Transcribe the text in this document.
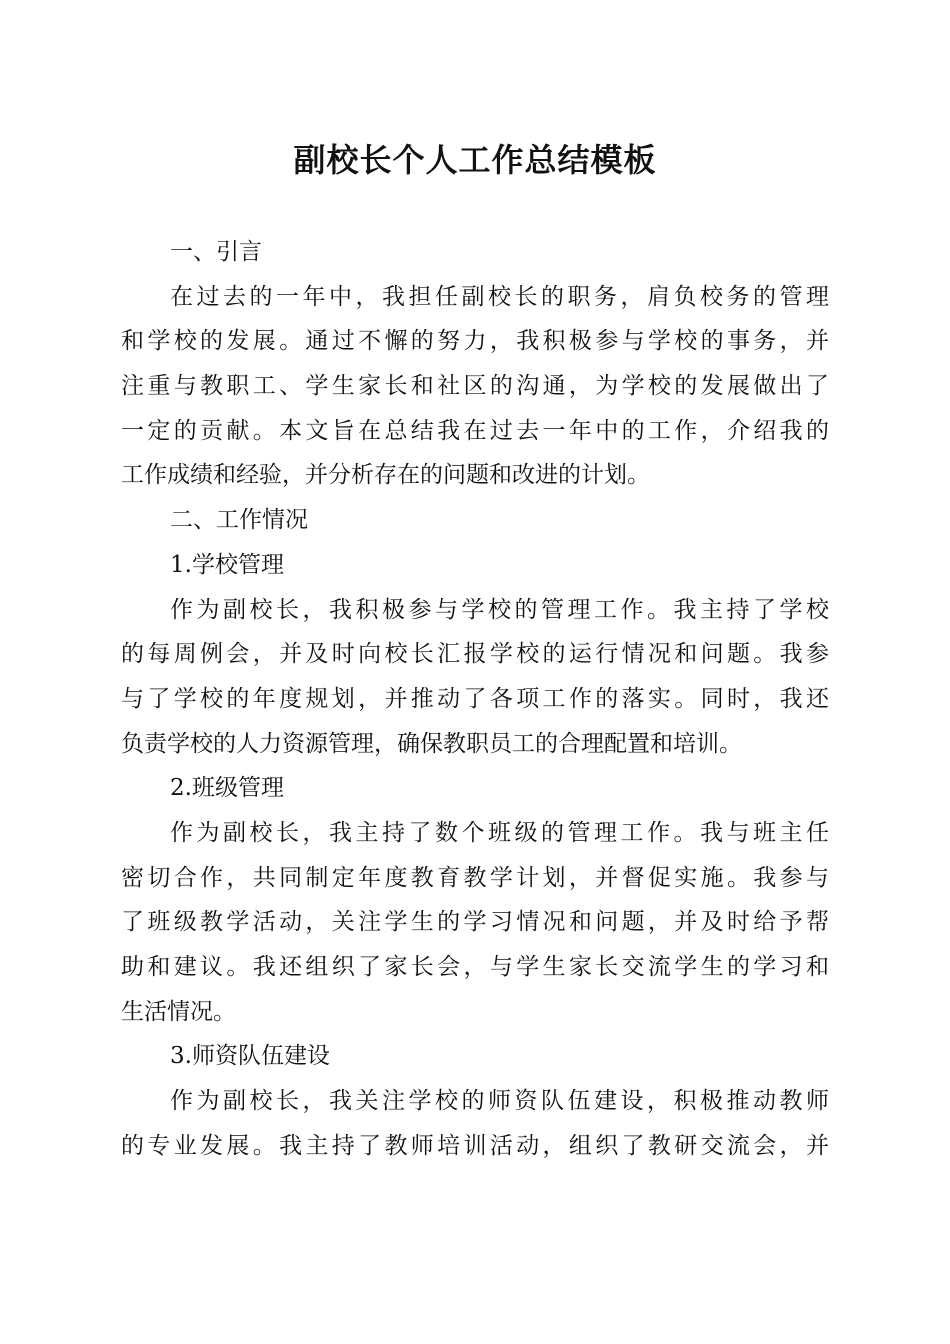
副校长个人工作总结模板

一、引言

在过去的一年中，我担任副校长的职务，肩负校务的管理

和学校的发展。通过不懈的努力，我积极参与学校的事务，并

注重与教职工、学生家长和社区的沟通，为学校的发展做出了

一定的贡献。本文旨在总结我在过去一年中的工作，介绍我的

工作成绩和经验，并分析存在的问题和改进的计划。

二、工作情况

1.学校管理

作为副校长，我积极参与学校的管理工作。我主持了学校

的每周例会，并及时向校长汇报学校的运行情况和问题。我参

与了学校的年度规划，并推动了各项工作的落实。同时，我还

负责学校的人力资源管理，确保教职员工的合理配置和培训。

2.班级管理

作为副校长，我主持了数个班级的管理工作。我与班主任

密切合作，共同制定年度教育教学计划，并督促实施。我参与

了班级教学活动，关注学生的学习情况和问题，并及时给予帮

助和建议。我还组织了家长会，与学生家长交流学生的学习和

生活情况。

3.师资队伍建设

作为副校长，我关注学校的师资队伍建设，积极推动教师

的专业发展。我主持了教师培训活动，组织了教研交流会，并
